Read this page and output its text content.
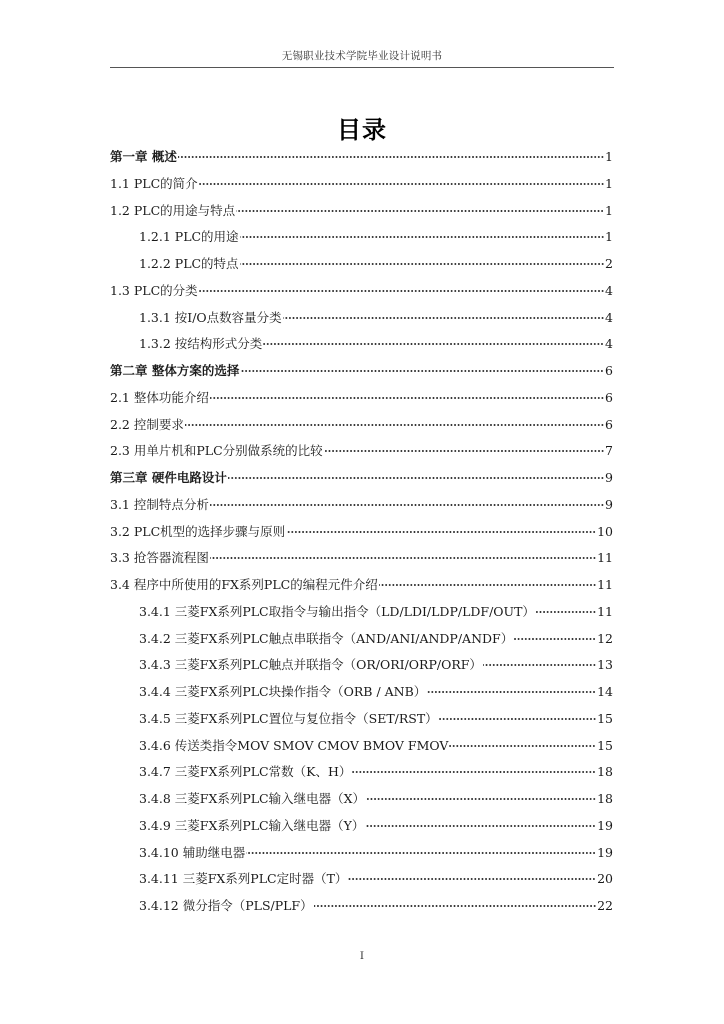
无锡职业技术学院毕业设计说明书
目录
第一章 概述	1
1.1 PLC的简介	1
1.2 PLC的用途与特点	1
1.2.1 PLC的用途	1
1.2.2 PLC的特点	2
1.3 PLC的分类	4
1.3.1 按I/O点数容量分类	4
1.3.2 按结构形式分类	4
第二章 整体方案的选择	6
2.1 整体功能介绍	6
2.2 控制要求	6
2.3 用单片机和PLC分别做系统的比较	7
第三章 硬件电路设计	9
3.1 控制特点分析	9
3.2 PLC机型的选择步骤与原则	10
3.3 抢答器流程图	11
3.4 程序中所使用的FX系列PLC的编程元件介绍	11
3.4.1 三菱FX系列PLC取指令与输出指令（LD/LDI/LDP/LDF/OUT）	11
3.4.2 三菱FX系列PLC触点串联指令（AND/ANI/ANDP/ANDF）	12
3.4.3 三菱FX系列PLC触点并联指令（OR/ORI/ORP/ORF）	13
3.4.4 三菱FX系列PLC块操作指令（ORB / ANB）	14
3.4.5 三菱FX系列PLC置位与复位指令（SET/RST）	15
3.4.6 传送类指令MOV SMOV CMOV BMOV FMOV	15
3.4.7 三菱FX系列PLC常数（K、H）	18
3.4.8 三菱FX系列PLC输入继电器（X）	18
3.4.9 三菱FX系列PLC输入继电器（Y）	19
3.4.10 辅助继电器	19
3.4.11 三菱FX系列PLC定时器（T）	20
3.4.12 微分指令（PLS/PLF）	22
I
